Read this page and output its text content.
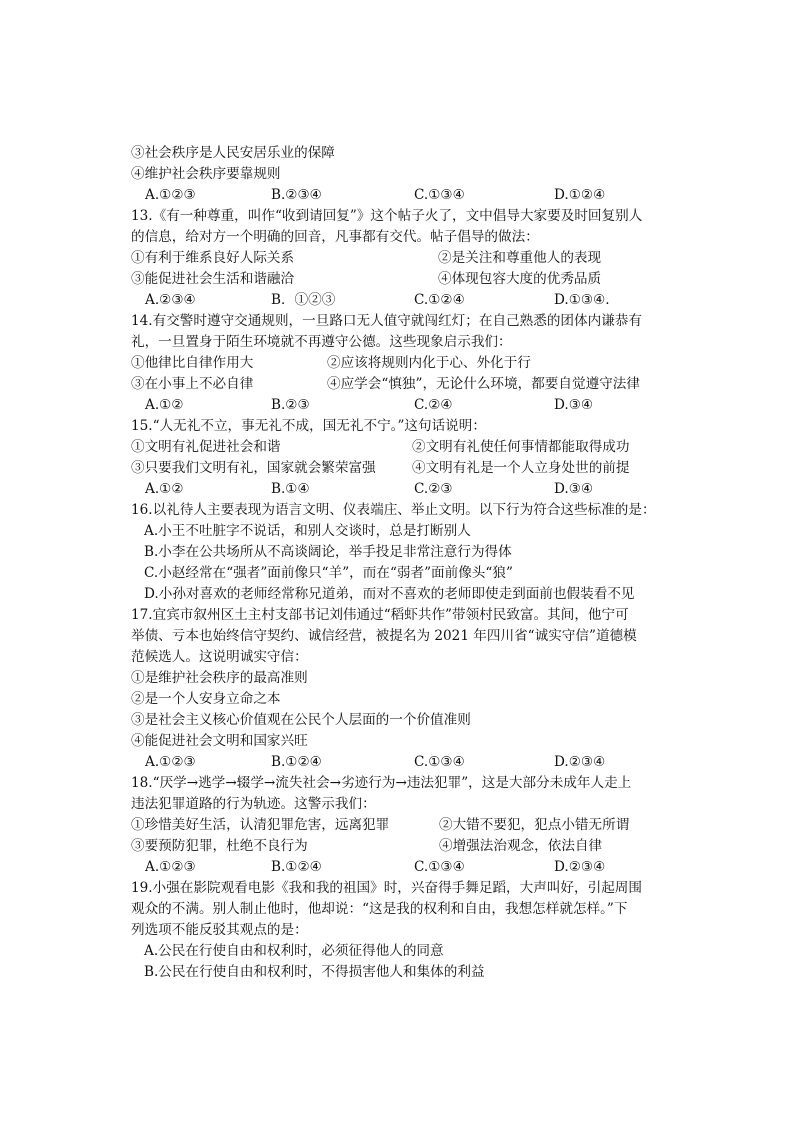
③社会秩序是人民安居乐业的保障
④维护社会秩序要靠规则
A.①②③	B.②③④	C.①③④	D.①②④
13.《有一种尊重，叫作“收到请回复”》这个帖子火了，文中倡导大家要及时回复别人
的信息，给对方一个明确的回音，凡事都有交代。帖子倡导的做法：
①有利于维系良好人际关系	②是关注和尊重他人的表现
③能促进社会生活和谐融洽	④体现包容大度的优秀品质
A.②③④	B．①②③	C.①②④	D.①③④.
14.有交警时遵守交通规则，一旦路口无人值守就闯红灯；在自己熟悉的团体内谦恭有
礼，一旦置身于陌生环境就不再遵守公德。这些现象启示我们：
①他律比自律作用大	②应该将规则内化于心、外化于行
③在小事上不必自律	④应学会“慎独”，无论什么环境，都要自觉遵守法律
A.①②	B.②③	C.②④	D.③④
15.“人无礼不立，事无礼不成，国无礼不宁。”这句话说明：
①文明有礼促进社会和谐	②文明有礼使任何事情都能取得成功
③只要我们文明有礼，国家就会繁荣富强	④文明有礼是一个人立身处世的前提
A.①②	B.①④	C.②③	D.③④
16.以礼待人主要表现为语言文明、仪表端庄、举止文明。以下行为符合这些标准的是：
A.小王不吐脏字不说话，和别人交谈时，总是打断别人
B.小李在公共场所从不高谈阔论，举手投足非常注意行为得体
C.小赵经常在“强者”面前像只“羊”，而在“弱者”面前像头“狼”
D.小孙对喜欢的老师经常称兄道弟，而对不喜欢的老师即使走到面前也假装看不见
17.宜宾市叙州区土主村支部书记刘伟通过“稻虾共作”带领村民致富。其间，他宁可
举债、亏本也始终信守契约、诚信经营，被提名为 2021 年四川省“诚实守信”道德模
范候选人。这说明诚实守信：
①是维护社会秩序的最高准则
②是一个人安身立命之本
③是社会主义核心价值观在公民个人层面的一个价值准则
④能促进社会文明和国家兴旺
A.①②③	B.①②④	C.①③④	D.②③④
18.“厌学→逃学→辍学→流失社会→劣迹行为→违法犯罪”，这是大部分未成年人走上
违法犯罪道路的行为轨迹。这警示我们：
①珍惜美好生活，认清犯罪危害，远离犯罪	②大错不要犯，犯点小错无所谓
③要预防犯罪，杜绝不良行为	④增强法治观念，依法自律
A.①②③	B.①②④	C.①③④	D.②③④
19.小强在影院观看电影《我和我的祖国》时，兴奋得手舞足蹈，大声叫好，引起周围
观众的不满。别人制止他时，他却说：“这是我的权利和自由，我想怎样就怎样。”下
列选项不能反驳其观点的是：
A.公民在行使自由和权利时，必须征得他人的同意
B.公民在行使自由和权利时，不得损害他人和集体的利益
